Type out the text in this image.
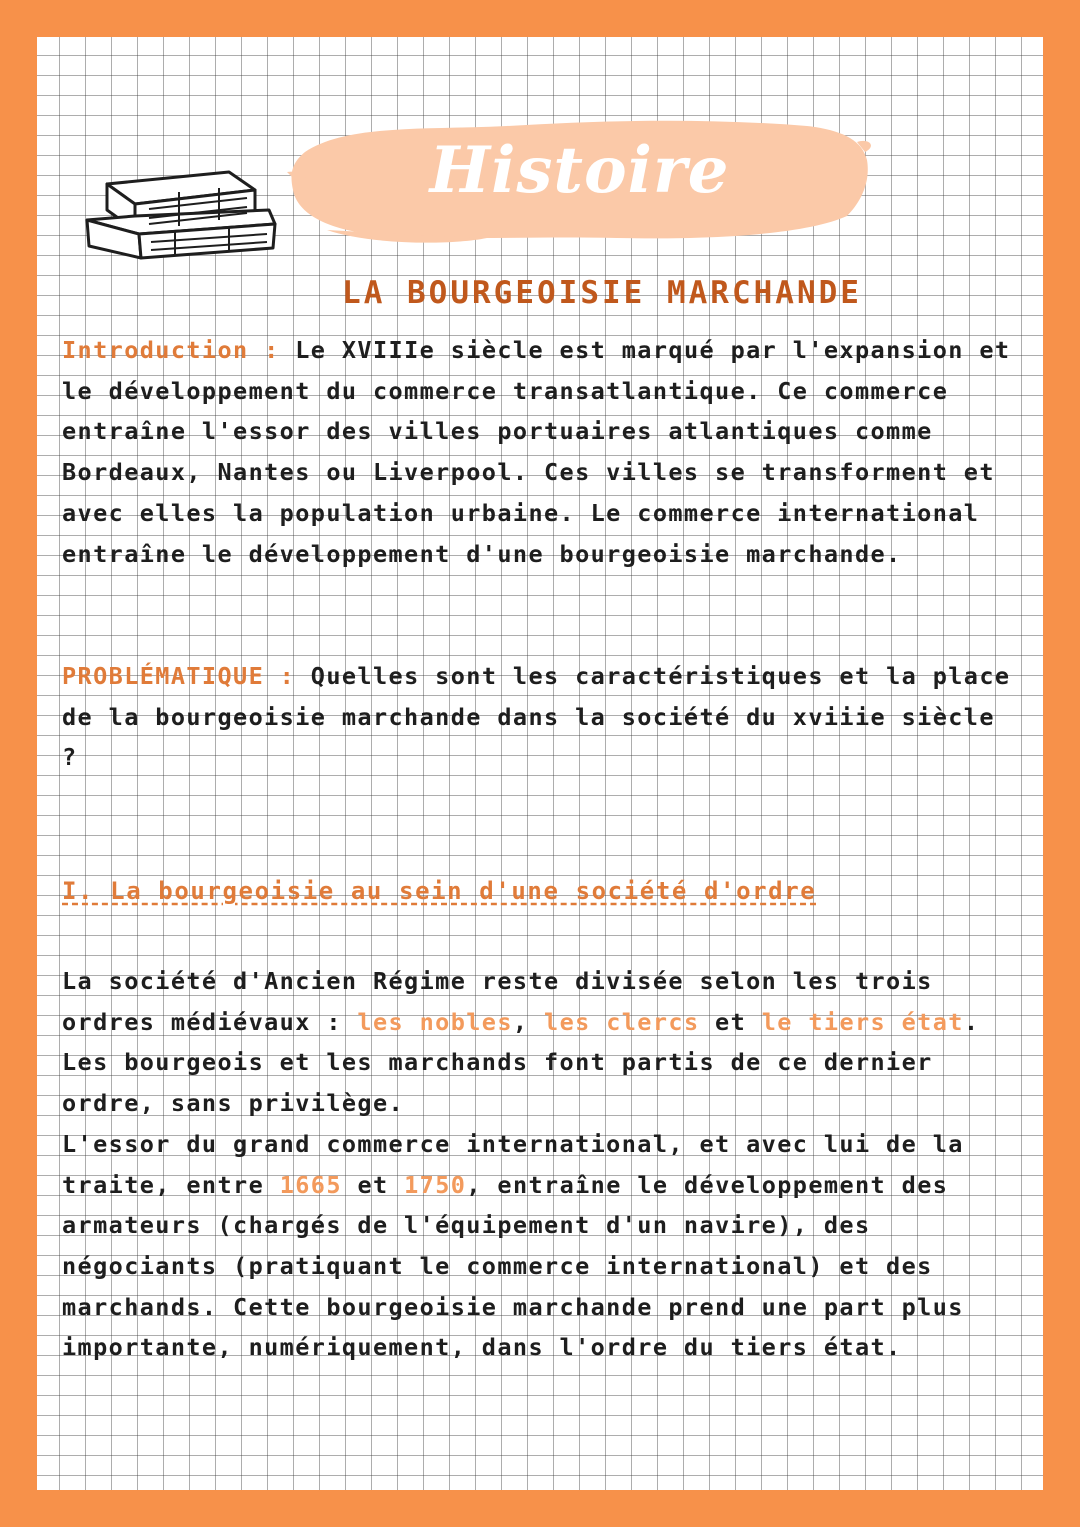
Histoire
LA BOURGEOISIE MARCHANDE

Introduction : Le XVIIIe siècle est marqué par l'expansion et le développement du commerce transatlantique. Ce commerce entraîne l'essor des villes portuaires atlantiques comme Bordeaux, Nantes ou Liverpool. Ces villes se transforment et avec elles la population urbaine. Le commerce international entraîne le développement d'une bourgeoisie marchande.

PROBLÉMATIQUE : Quelles sont les caractéristiques et la place de la bourgeoisie marchande dans la société du xviiie siècle ?

I. La bourgeoisie au sein d'une société d'ordre

La société d'Ancien Régime reste divisée selon les trois ordres médiévaux : les nobles, les clercs et le tiers état. Les bourgeois et les marchands font partis de ce dernier ordre, sans privilège.
L'essor du grand commerce international, et avec lui de la traite, entre 1665 et 1750, entraîne le développement des armateurs (chargés de l'équipement d'un navire), des négociants (pratiquant le commerce international) et des marchands. Cette bourgeoisie marchande prend une part plus importante, numériquement, dans l'ordre du tiers état.
